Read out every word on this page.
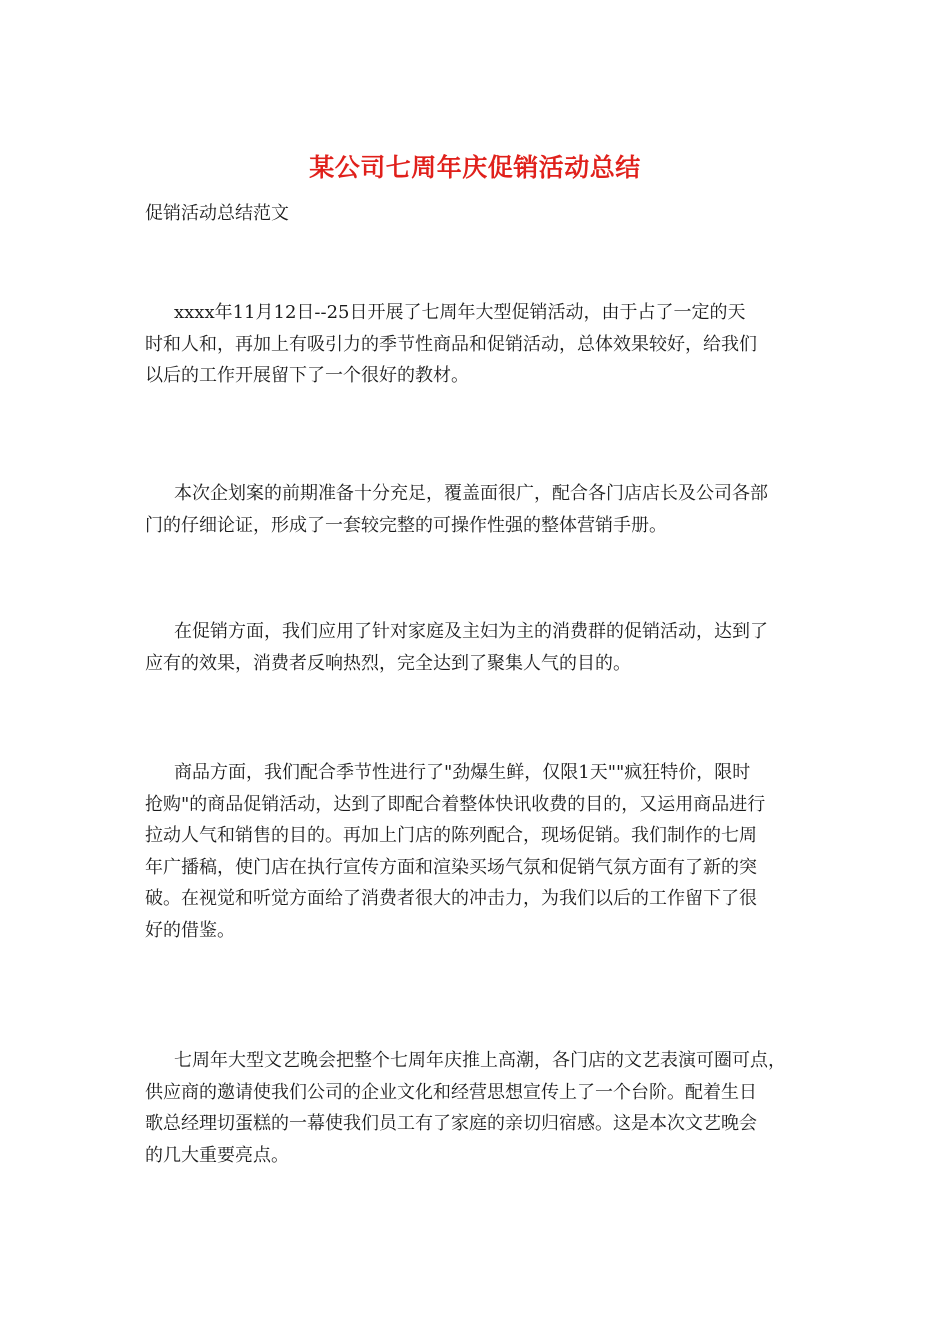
某公司七周年庆促销活动总结
促销活动总结范文

xxxx年11月12日--25日开展了七周年大型促销活动，由于占了一定的天
时和人和，再加上有吸引力的季节性商品和促销活动，总体效果较好，给我们
以后的工作开展留下了一个很好的教材。

本次企划案的前期准备十分充足，覆盖面很广，配合各门店店长及公司各部
门的仔细论证，形成了一套较完整的可操作性强的整体营销手册。

在促销方面，我们应用了针对家庭及主妇为主的消费群的促销活动，达到了
应有的效果，消费者反响热烈，完全达到了聚集人气的目的。

商品方面，我们配合季节性进行了"劲爆生鲜，仅限1天""疯狂特价，限时
抢购"的商品促销活动，达到了即配合着整体快讯收费的目的，又运用商品进行
拉动人气和销售的目的。再加上门店的陈列配合，现场促销。我们制作的七周
年广播稿，使门店在执行宣传方面和渲染买场气氛和促销气氛方面有了新的突
破。在视觉和听觉方面给了消费者很大的冲击力，为我们以后的工作留下了很
好的借鉴。

七周年大型文艺晚会把整个七周年庆推上高潮，各门店的文艺表演可圈可点，
供应商的邀请使我们公司的企业文化和经营思想宣传上了一个台阶。配着生日
歌总经理切蛋糕的一幕使我们员工有了家庭的亲切归宿感。这是本次文艺晚会
的几大重要亮点。
